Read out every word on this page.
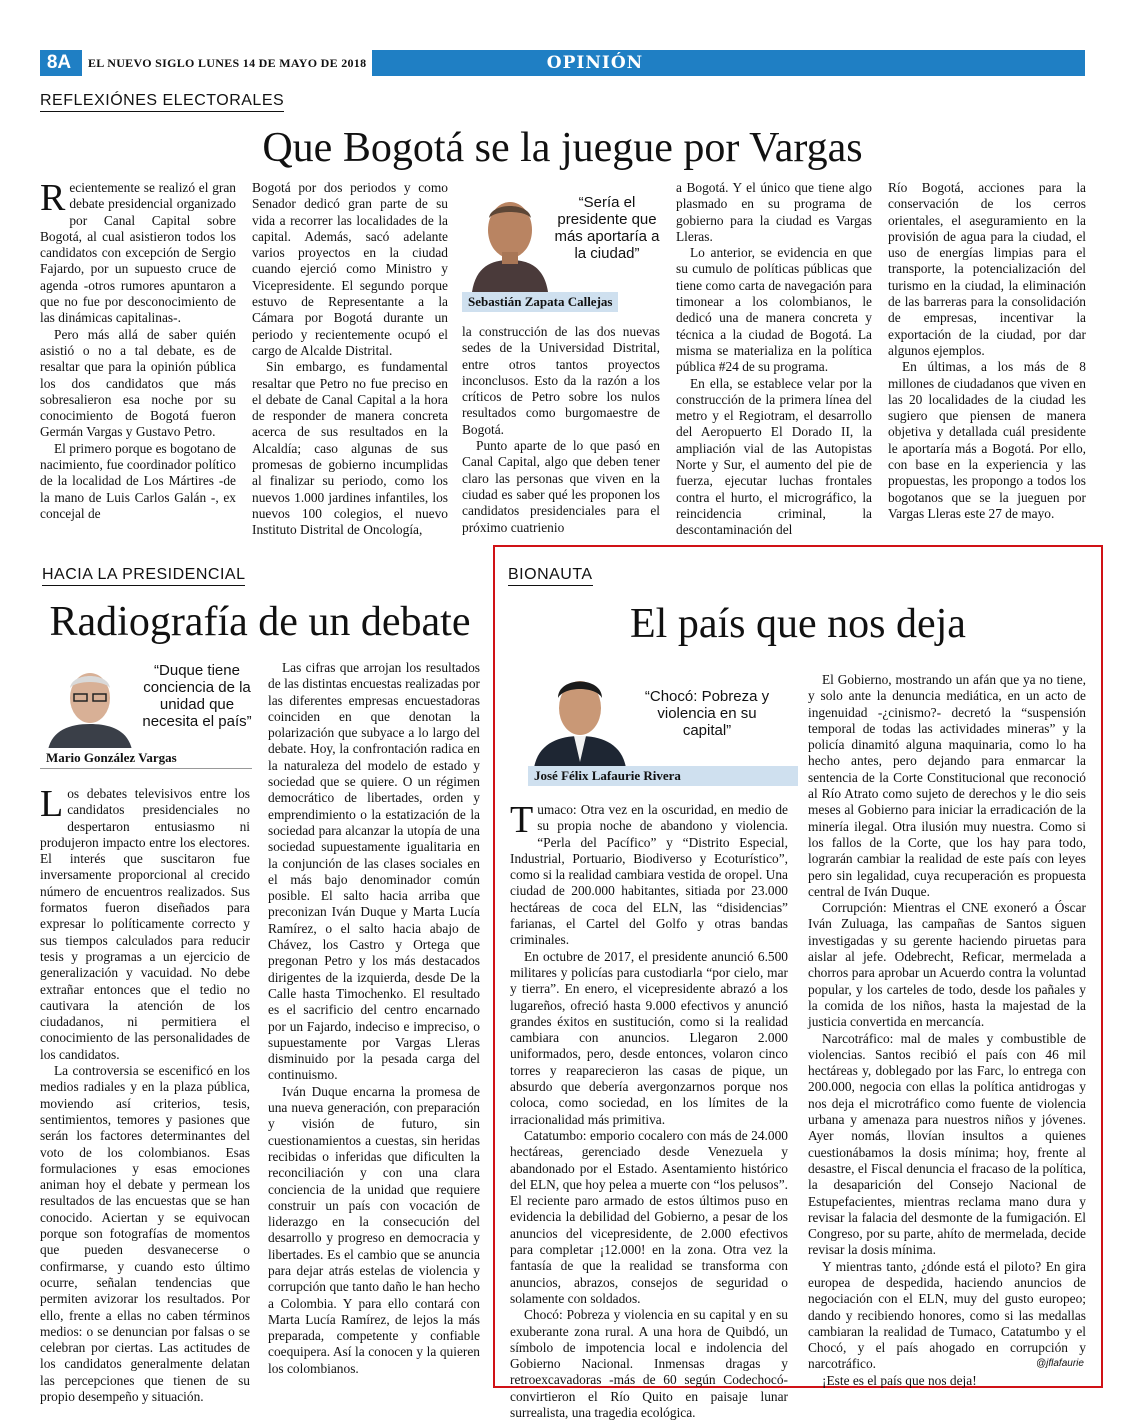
8A	EL NUEVO SIGLO LUNES 14 DE MAYO DE 2018	OPINIÓN
REFLEXIÓNES ELECTORALES
Que Bogotá se la juegue por Vargas

Recientemente se realizó el gran debate presidencial organizado por Canal Capital sobre Bogotá, al cual asistieron todos los candidatos con excepción de Sergio Fajardo, por un supuesto cruce de agenda -otros rumores apuntaron a que no fue por desconocimiento de las dinámicas capitalinas-.

Pero más allá de saber quién asistió o no a tal debate, es de resaltar que para la opinión pública los dos candidatos que más sobresalieron esa noche por su conocimiento de Bogotá fueron Germán Vargas y Gustavo Petro.

El primero porque es bogotano de nacimiento, fue coordinador político de la localidad de Los Mártires -de la mano de Luis Carlos Galán -, ex concejal de

Bogotá por dos periodos y como Senador dedicó gran parte de su vida a recorrer las localidades de la capital. Además, sacó adelante varios proyectos en la ciudad cuando ejerció como Ministro y Vicepresidente. El segundo porque estuvo de Representante a la Cámara por Bogotá durante un periodo y recientemente ocupó el cargo de Alcalde Distrital.

Sin embargo, es fundamental resaltar que Petro no fue preciso en el debate de Canal Capital a la hora de responder de manera concreta acerca de sus resultados en la Alcaldía; caso algunas de sus promesas de gobierno incumplidas al finalizar su periodo, como los nuevos 1.000 jardines infantiles, los nuevos 100 colegios, el nuevo Instituto Distrital de Oncología,

“Sería el presidente que más aportaría a la ciudad”
Sebastián Zapata Callejas

la construcción de las dos nuevas sedes de la Universidad Distrital, entre otros tantos proyectos inconclusos. Esto da la razón a los críticos de Petro sobre los nulos resultados como burgomaestre de Bogotá.

Punto aparte de lo que pasó en Canal Capital, algo que deben tener claro las personas que viven en la ciudad es saber qué les proponen los candidatos presidenciales para el próximo cuatrienio

a Bogotá. Y el único que tiene algo plasmado en su programa de gobierno para la ciudad es Vargas Lleras.

Lo anterior, se evidencia en que su cumulo de políticas públicas que tiene como carta de navegación para timonear a los colombianos, le dedicó una de manera concreta y técnica a la ciudad de Bogotá. La misma se materializa en la política pública #24 de su programa.

En ella, se establece velar por la construcción de la primera línea del metro y el Regiotram, el desarrollo del Aeropuerto El Dorado II, la ampliación vial de las Autopistas Norte y Sur, el aumento del pie de fuerza, ejecutar luchas frontales contra el hurto, el micrográfico, la reincidencia criminal, la descontaminación del

Río Bogotá, acciones para la conservación de los cerros orientales, el aseguramiento en la provisión de agua para la ciudad, el uso de energías limpias para el transporte, la potencialización del turismo en la ciudad, la eliminación de las barreras para la consolidación de empresas, incentivar la exportación de la ciudad, por dar algunos ejemplos.

En últimas, a los más de 8 millones de ciudadanos que viven en las 20 localidades de la ciudad les sugiero que piensen de manera objetiva y detallada cuál presidente le aportaría más a Bogotá. Por ello, con base en la experiencia y las propuestas, les propongo a todos los bogotanos que se la jueguen por Vargas Lleras este 27 de mayo.

HACIA LA PRESIDENCIAL
Radiografía de un debate
“Duque tiene conciencia de la unidad que necesita el país”
Mario González Vargas

Los debates televisivos entre los candidatos presidenciales no despertaron entusiasmo ni produjeron impacto entre los electores. El interés que suscitaron fue inversamente proporcional al crecido número de encuentros realizados. Sus formatos fueron diseñados para expresar lo políticamente correcto y sus tiempos calculados para reducir tesis y programas a un ejercicio de generalización y vacuidad. No debe extrañar entonces que el tedio no cautivara la atención de los ciudadanos, ni permitiera el conocimiento de las personalidades de los candidatos.

La controversia se escenificó en los medios radiales y en la plaza pública, moviendo así criterios, tesis, sentimientos, temores y pasiones que serán los factores determinantes del voto de los colombianos. Esas formulaciones y esas emociones animan hoy el debate y permean los resultados de las encuestas que se han conocido. Aciertan y se equivocan porque son fotografías de momentos que pueden desvanecerse o confirmarse, y cuando esto último ocurre, señalan tendencias que permiten avizorar los resultados. Por ello, frente a ellas no caben términos medios: o se denuncian por falsas o se celebran por ciertas. Las actitudes de los candidatos generalmente delatan las percepciones que tienen de su propio desempeño y situación.

Las cifras que arrojan los resultados de las distintas encuestas realizadas por las diferentes empresas encuestadoras coinciden en que denotan la polarización que subyace a lo largo del debate. Hoy, la confrontación radica en la naturaleza del modelo de estado y sociedad que se quiere. O un régimen democrático de libertades, orden y emprendimiento o la estatización de la sociedad para alcanzar la utopía de una sociedad supuestamente igualitaria en la conjunción de las clases sociales en el más bajo denominador común posible. El salto hacia arriba que preconizan Iván Duque y Marta Lucía Ramírez, o el salto hacia abajo de Chávez, los Castro y Ortega que pregonan Petro y los más destacados dirigentes de la izquierda, desde De la Calle hasta Timochenko. El resultado es el sacrificio del centro encarnado por un Fajardo, indeciso e impreciso, o supuestamente por Vargas Lleras disminuido por la pesada carga del continuismo.

Iván Duque encarna la promesa de una nueva generación, con preparación y visión de futuro, sin cuestionamientos a cuestas, sin heridas recibidas o inferidas que dificulten la reconciliación y con una clara conciencia de la unidad que requiere construir un país con vocación de liderazgo en la consecución del desarrollo y progreso en democracia y libertades. Es el cambio que se anuncia para dejar atrás estelas de violencia y corrupción que tanto daño le han hecho a Colombia. Y para ello contará con Marta Lucía Ramírez, de lejos la más preparada, competente y confiable coequipera. Así la conocen y la quieren los colombianos.

BIONAUTA
El país que nos deja
“Chocó: Pobreza y violencia en su capital”
José Félix Lafaurie Rivera

Tumaco: Otra vez en la oscuridad, en medio de su propia noche de abandono y violencia. “Perla del Pacífico” y “Distrito Especial, Industrial, Portuario, Biodiverso y Ecoturístico”, como si la realidad cambiara vestida de oropel. Una ciudad de 200.000 habitantes, sitiada por 23.000 hectáreas de coca del ELN, las “disidencias” farianas, el Cartel del Golfo y otras bandas criminales.

En octubre de 2017, el presidente anunció 6.500 militares y policías para custodiarla “por cielo, mar y tierra”. En enero, el vicepresidente abrazó a los lugareños, ofreció hasta 9.000 efectivos y anunció grandes éxitos en sustitución, como si la realidad cambiara con anuncios. Llegaron 2.000 uniformados, pero, desde entonces, volaron cinco torres y reaparecieron las casas de pique, un absurdo que debería avergonzarnos porque nos coloca, como sociedad, en los límites de la irracionalidad más primitiva.

Catatumbo: emporio cocalero con más de 24.000 hectáreas, gerenciado desde Venezuela y abandonado por el Estado. Asentamiento histórico del ELN, que hoy pelea a muerte con “los pelusos”. El reciente paro armado de estos últimos puso en evidencia la debilidad del Gobierno, a pesar de los anuncios del vicepresidente, de 2.000 efectivos para completar ¡12.000! en la zona. Otra vez la fantasía de que la realidad se transforma con anuncios, abrazos, consejos de seguridad o solamente con soldados.

Chocó: Pobreza y violencia en su capital y en su exuberante zona rural. A una hora de Quibdó, un símbolo de impotencia local e indolencia del Gobierno Nacional. Inmensas dragas y retroexcavadoras -más de 60 según Codechocó- convirtieron el Río Quito en paisaje lunar surrealista, una tragedia ecológica.

El Gobierno, mostrando un afán que ya no tiene, y solo ante la denuncia mediática, en un acto de ingenuidad -¿cinismo?- decretó la “suspensión temporal de todas las actividades mineras” y la policía dinamitó alguna maquinaria, como lo ha hecho antes, pero dejando para enmarcar la sentencia de la Corte Constitucional que reconoció al Río Atrato como sujeto de derechos y le dio seis meses al Gobierno para iniciar la erradicación de la minería ilegal. Otra ilusión muy nuestra. Como si los fallos de la Corte, que los hay para todo, lograrán cambiar la realidad de este país con leyes pero sin legalidad, cuya recuperación es propuesta central de Iván Duque.

Corrupción: Mientras el CNE exoneró a Óscar Iván Zuluaga, las campañas de Santos siguen investigadas y su gerente haciendo piruetas para aislar al jefe. Odebrecht, Reficar, mermelada a chorros para aprobar un Acuerdo contra la voluntad popular, y los carteles de todo, desde los pañales y la comida de los niños, hasta la majestad de la justicia convertida en mercancía.

Narcotráfico: mal de males y combustible de violencias. Santos recibió el país con 46 mil hectáreas y, doblegado por las Farc, lo entrega con 200.000, negocia con ellas la política antidrogas y nos deja el microtráfico como fuente de violencia urbana y amenaza para nuestros niños y jóvenes. Ayer nomás, llovían insultos a quienes cuestionábamos la dosis mínima; hoy, frente al desastre, el Fiscal denuncia el fracaso de la política, la desaparición del Consejo Nacional de Estupefacientes, mientras reclama mano dura y revisar la falacia del desmonte de la fumigación. El Congreso, por su parte, ahíto de mermelada, decide revisar la dosis mínima.

Y mientras tanto, ¿dónde está el piloto? En gira europea de despedida, haciendo anuncios de negociación con el ELN, muy del gusto europeo; dando y recibiendo honores, como si las medallas cambiaran la realidad de Tumaco, Catatumbo y el Chocó, y el país ahogado en corrupción y narcotráfico.

¡Este es el país que nos deja!

@jflafaurie
